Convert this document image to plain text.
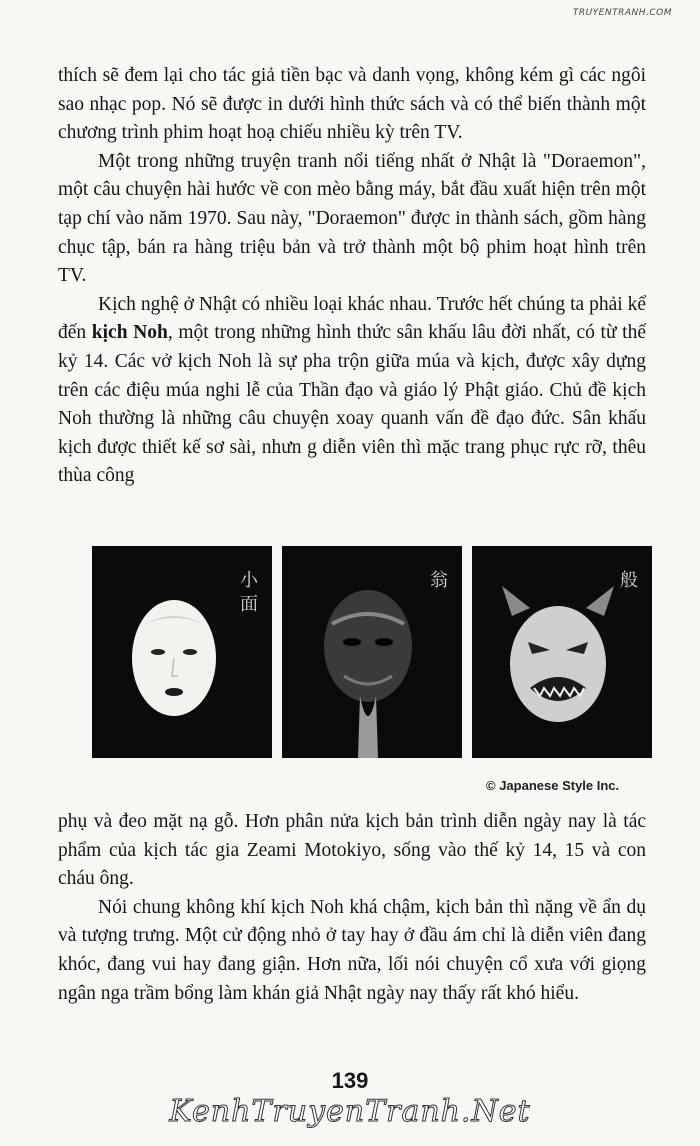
TRUYENTRANH.COM

thích sẽ đem lại cho tác giả tiền bạc và danh vọng, không kém gì các ngôi sao nhạc pop. Nó sẽ được in dưới hình thức sách và có thể biến thành một chương trình phim hoạt hoạ chiếu nhiều kỳ trên TV.

Một trong những truyện tranh nổi tiếng nhất ở Nhật là "Doraemon", một câu chuyện hài hước về con mèo bằng máy, bắt đầu xuất hiện trên một tạp chí vào năm 1970. Sau này, "Doraemon" được in thành sách, gồm hàng chục tập, bán ra hàng triệu bản và trở thành một bộ phim hoạt hình trên TV.

Kịch nghệ ở Nhật có nhiều loại khác nhau. Trước hết chúng ta phải kể đến kịch Noh, một trong những hình thức sân khấu lâu đời nhất, có từ thế kỷ 14. Các vở kịch Noh là sự pha trộn giữa múa và kịch, được xây dựng trên các điệu múa nghi lễ của Thần đạo và giáo lý Phật giáo. Chủ đề kịch Noh thường là những câu chuyện xoay quanh vấn đề đạo đức. Sân khấu kịch được thiết kế sơ sài, nhưn g diễn viên thì mặc trang phục rực rỡ, thêu thùa công

小
面
翁	般
© Japanese Style Inc.

phụ và đeo mặt nạ gỗ. Hơn phân nửa kịch bản trình diễn ngày nay là tác phẩm của kịch tác gia Zeami Motokiyo, sống vào thế kỷ 14, 15 và con cháu ông.

Nói chung không khí kịch Noh khá chậm, kịch bản thì nặng về ẩn dụ và tượng trưng. Một cử động nhỏ ở tay hay ở đầu ám chỉ là diễn viên đang khóc, đang vui hay đang giận. Hơn nữa, lối nói chuyện cổ xưa với giọng ngân nga trầm bổng làm khán giả Nhật ngày nay thấy rất khó hiểu.

139
KenhTruyenTranh.Net
